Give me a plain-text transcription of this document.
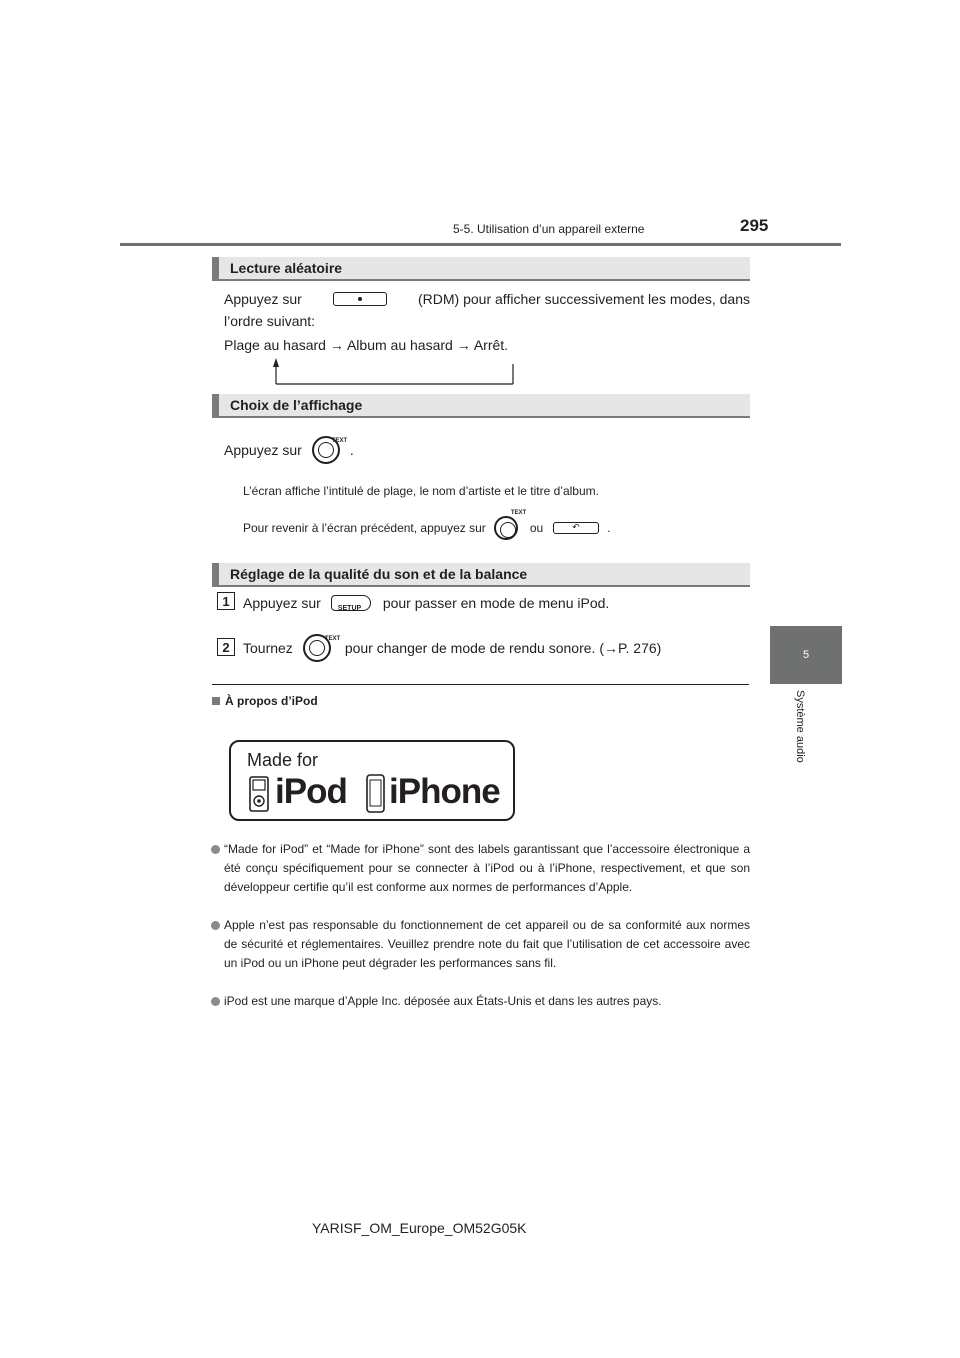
5-5. Utilisation d’un appareil externe	295
5
Système audio
Lecture aléatoire
Appuyez sur	(RDM) pour afficher successivement les modes, dans
l’ordre suivant:
Plage au hasard → Album au hasard → Arrêt.
Choix de l’affichage
Appuyez sur
TEXT
.
L’écran affiche l’intitulé de plage, le nom d’artiste et le titre d’album.
Pour revenir à l’écran précédent, appuyez sur
TEXT
ou	↶ .
Réglage de la qualité du son et de la balance
1 Appuyez sur SETUP pour passer en mode de menu iPod.
2 Tournez
TEXT
pour changer de mode de rendu sonore. (→P. 276)
À propos d’iPod
Made for
iPod iPhone
“Made for iPod” et “Made for iPhone” sont des labels garantissant que l’accessoire électronique a été conçu spécifiquement pour se connecter à l’iPod ou à l’iPhone, respectivement, et que son développeur certifie qu’il est conforme aux normes de performances d’Apple.
Apple n’est pas responsable du fonctionnement de cet appareil ou de sa conformité aux normes de sécurité et réglementaires. Veuillez prendre note du fait que l’utilisation de cet accessoire avec un iPod ou un iPhone peut dégrader les performances sans fil.
iPod est une marque d’Apple Inc. déposée aux États-Unis et dans les autres pays.
YARISF_OM_Europe_OM52G05K
